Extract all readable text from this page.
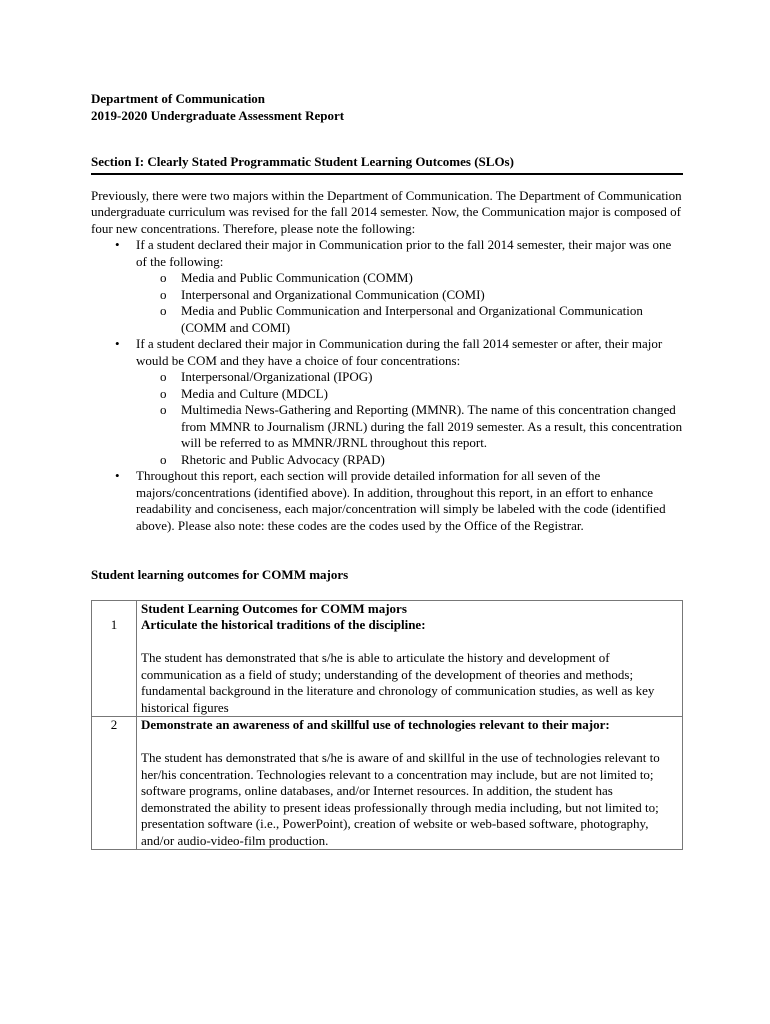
Department of Communication
2019-2020 Undergraduate Assessment Report
Section I: Clearly Stated Programmatic Student Learning Outcomes (SLOs)
Previously, there were two majors within the Department of Communication. The Department of Communication undergraduate curriculum was revised for the fall 2014 semester. Now, the Communication major is composed of four new concentrations. Therefore, please note the following:
• If a student declared their major in Communication prior to the fall 2014 semester, their major was one of the following:
o Media and Public Communication (COMM)
o Interpersonal and Organizational Communication (COMI)
o Media and Public Communication and Interpersonal and Organizational Communication (COMM and COMI)
• If a student declared their major in Communication during the fall 2014 semester or after, their major would be COM and they have a choice of four concentrations:
o Interpersonal/Organizational (IPOG)
o Media and Culture (MDCL)
o Multimedia News-Gathering and Reporting (MMNR). The name of this concentration changed from MMNR to Journalism (JRNL) during the fall 2019 semester. As a result, this concentration will be referred to as MMNR/JRNL throughout this report.
o Rhetoric and Public Advocacy (RPAD)
• Throughout this report, each section will provide detailed information for all seven of the majors/concentrations (identified above). In addition, throughout this report, in an effort to enhance readability and conciseness, each major/concentration will simply be labeled with the code (identified above). Please also note: these codes are the codes used by the Office of the Registrar.
Student learning outcomes for COMM majors
1	Student Learning Outcomes for COMM majors
Articulate the historical traditions of the discipline:
The student has demonstrated that s/he is able to articulate the history and development of communication as a field of study; understanding of the development of theories and methods; fundamental background in the literature and chronology of communication studies, as well as key historical figures

2	Demonstrate an awareness of and skillful use of technologies relevant to their major:
The student has demonstrated that s/he is aware of and skillful in the use of technologies relevant to her/his concentration. Technologies relevant to a concentration may include, but are not limited to; software programs, online databases, and/or Internet resources. In addition, the student has demonstrated the ability to present ideas professionally through media including, but not limited to; presentation software (i.e., PowerPoint), creation of website or web-based software, photography, and/or audio-video-film production.
